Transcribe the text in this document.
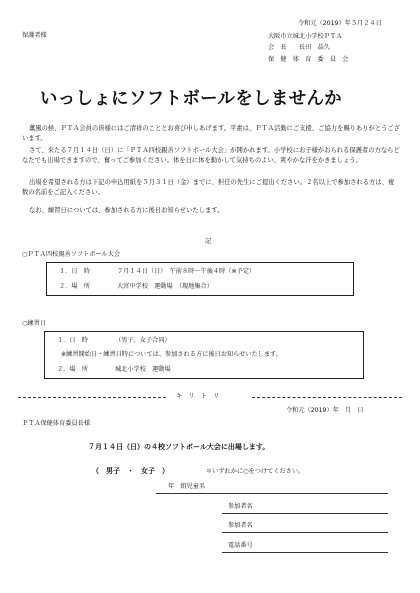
令和元（2019）年５月２４日
保護者様	大阪市立城北小学校ＰＴＡ
会　長　　長田　晶久
保　健　体　育　委　員　会
いっしょにソフトボールをしませんか
薫風の候、ＰＴＡ会員の皆様にはご清祥のこととお喜び申しあげます。平素は、ＰＴＡ活動にご支援、ご協力を賜りありがとうございます。
さて、来たる７月１４日（日）に「ＰＴＡ四校親善ソフトボール大会」が開かれます。小学校にお子様がおられる保護者の方ならどなたでも出場できますので、奮ってご参加ください。体を日に体を動かして気持ちのよい、爽やかな汗をかきましょう。
出場を希望される方は下記の申込用紙を５月３１日（金）までに、担任の先生にご提出ください。２名以上で参加される方は、複数の名前をご記入ください。
なお、練習日については、参加される方に後日お知らせいたします。
記
○ＰＴＡ四校親善ソフトボール大会
１．日　時	７月１４日（日）　午前８時～午後４時（※予定）
２．場　所	大宮中学校　運動場　（現地集合）
○練習日
１．日　時	（男子、女子合同）
※練習開始日・練習日時については、参加される方に後日お知らせいたします。
２．場　所	城北小学校　運動場
キ　リ　ト　リ
令和元（2019）年　月　日
ＰＴＡ保健体育委員長様
７月１４日（日）の４校ソフトボール大会に出場します。
（　男子　・　女子　）	＊いずれかに○をつけてください。
年　組児童名
参加者名
参加者名
電話番号
